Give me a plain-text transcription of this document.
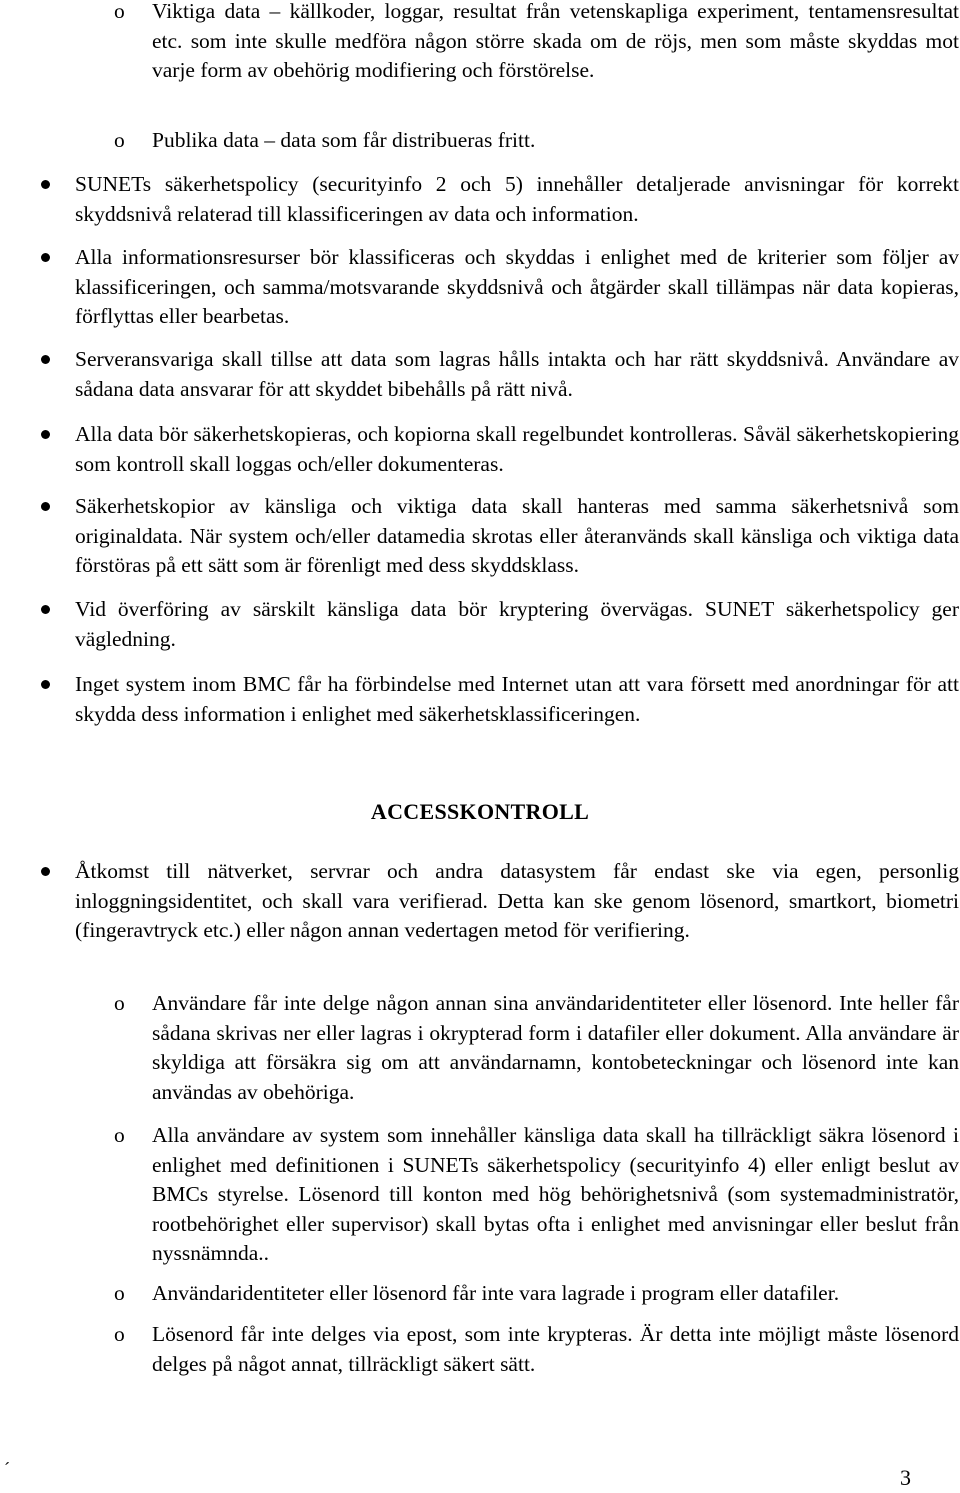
o	Viktiga data – källkoder, loggar, resultat från vetenskapliga experiment, tentamensresultat etc. som inte skulle medföra någon större skada om de röjs, men som måste skyddas mot varje form av obehörig modifiering och förstörelse.
o	Publika data – data som får distribueras fritt.
SUNETs säkerhetspolicy (securityinfo 2 och 5) innehåller detaljerade anvisningar för korrekt skyddsnivå relaterad till klassificeringen av data och information.
Alla informationsresurser bör klassificeras och skyddas i enlighet med de kriterier som följer av klassificeringen, och samma/motsvarande skyddsnivå och åtgärder skall tillämpas när data kopieras, förflyttas eller bearbetas.
Serveransvariga skall tillse att data som lagras hålls intakta och har rätt skyddsnivå. Användare av sådana data ansvarar för att skyddet bibehålls på rätt nivå.
Alla data bör säkerhetskopieras, och kopiorna skall regelbundet kontrolleras. Såväl säkerhetskopiering som kontroll skall loggas och/eller dokumenteras.
Säkerhetskopior av känsliga och viktiga data skall hanteras med samma säkerhetsnivå som originaldata. När system och/eller datamedia skrotas eller återanvänds skall känsliga och viktiga data förstöras på ett sätt som är förenligt med dess skyddsklass.
Vid överföring av särskilt känsliga data bör kryptering övervägas. SUNET säkerhetspolicy ger vägledning.
Inget system inom BMC får ha förbindelse med Internet utan att vara försett med anordningar för att skydda dess information i enlighet med säkerhetsklassificeringen.
ACCESSKONTROLL
Åtkomst till nätverket, servrar och andra datasystem får endast ske via egen, personlig inloggningsidentitet, och skall vara verifierad. Detta kan ske genom lösenord, smartkort, biometri (fingeravtryck etc.) eller någon annan vedertagen metod för verifiering.
o	Användare får inte delge någon annan sina användaridentiteter eller lösenord. Inte heller får sådana skrivas ner eller lagras i okrypterad form i datafiler eller dokument. Alla användare är skyldiga att försäkra sig om att användarnamn, kontobeteckningar och lösenord inte kan användas av obehöriga.
o	Alla användare av system som innehåller känsliga data skall ha tillräckligt säkra lösenord i enlighet med definitionen i SUNETs säkerhetspolicy (securityinfo 4) eller enligt beslut av BMCs styrelse. Lösenord till konton med hög behörighetsnivå (som systemadministratör, rootbehörighet eller supervisor) skall bytas ofta i enlighet med anvisningar eller beslut från nyssnämnda..
o	Användaridentiteter eller lösenord får inte vara lagrade i program eller datafiler.
o	Lösenord får inte delges via epost, som inte krypteras. Är detta inte möjligt måste lösenord delges på något annat, tillräckligt säkert sätt.
´	3
